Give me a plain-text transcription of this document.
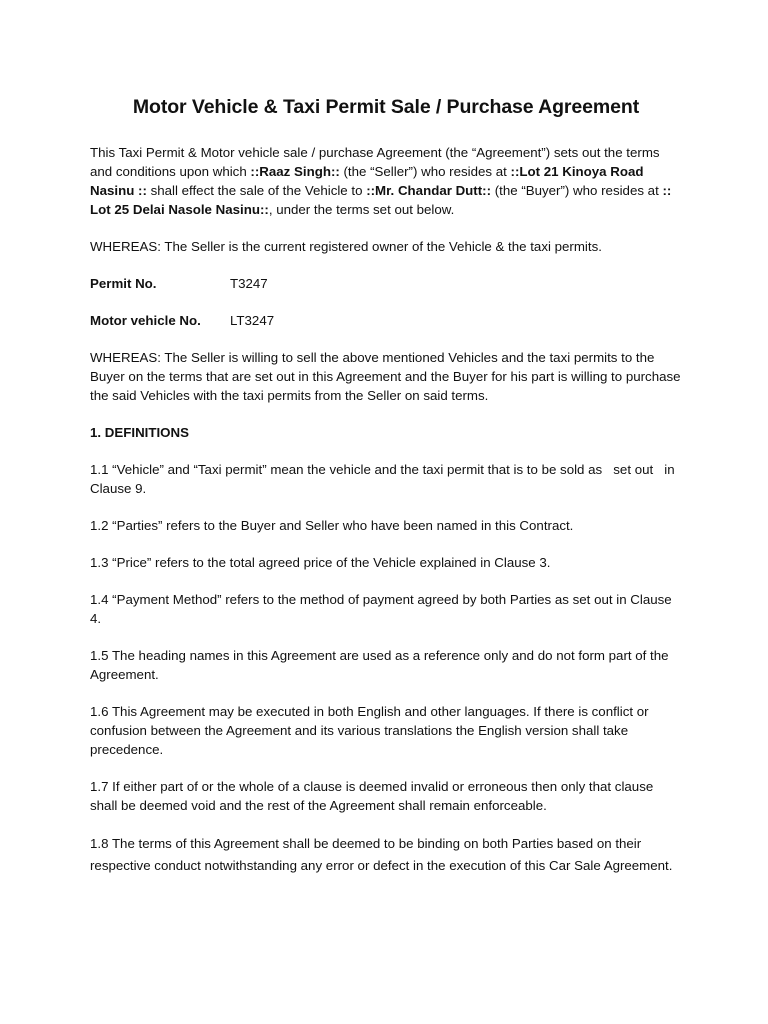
Motor Vehicle & Taxi Permit Sale / Purchase Agreement

This Taxi Permit & Motor vehicle sale / purchase Agreement (the “Agreement”) sets out the terms and conditions upon which ::Raaz Singh:: (the “Seller”) who resides at ::Lot 21 Kinoya Road Nasinu :: shall effect the sale of the Vehicle to ::Mr. Chandar Dutt:: (the “Buyer”) who resides at :: Lot 25 Delai Nasole Nasinu::, under the terms set out below.

WHEREAS: The Seller is the current registered owner of the Vehicle & the taxi permits.

Permit No.	T3247
Motor vehicle No.	LT3247

WHEREAS: The Seller is willing to sell the above mentioned Vehicles and the taxi permits to the Buyer on the terms that are set out in this Agreement and the Buyer for his part is willing to purchase the said Vehicles with the taxi permits from the Seller on said terms.

1. DEFINITIONS

1.1 “Vehicle” and “Taxi permit” mean the vehicle and the taxi permit that is to be sold as   set out   in Clause 9.

1.2 “Parties” refers to the Buyer and Seller who have been named in this Contract.

1.3 “Price” refers to the total agreed price of the Vehicle explained in Clause 3.

1.4 “Payment Method” refers to the method of payment agreed by both Parties as set out in Clause 4.

1.5 The heading names in this Agreement are used as a reference only and do not form part of the Agreement.

1.6 This Agreement may be executed in both English and other languages. If there is conflict or confusion between the Agreement and its various translations the English version shall take precedence.

1.7 If either part of or the whole of a clause is deemed invalid or erroneous then only that clause shall be deemed void and the rest of the Agreement shall remain enforceable.

1.8 The terms of this Agreement shall be deemed to be binding on both Parties based on their respective conduct notwithstanding any error or defect in the execution of this Car Sale Agreement.
